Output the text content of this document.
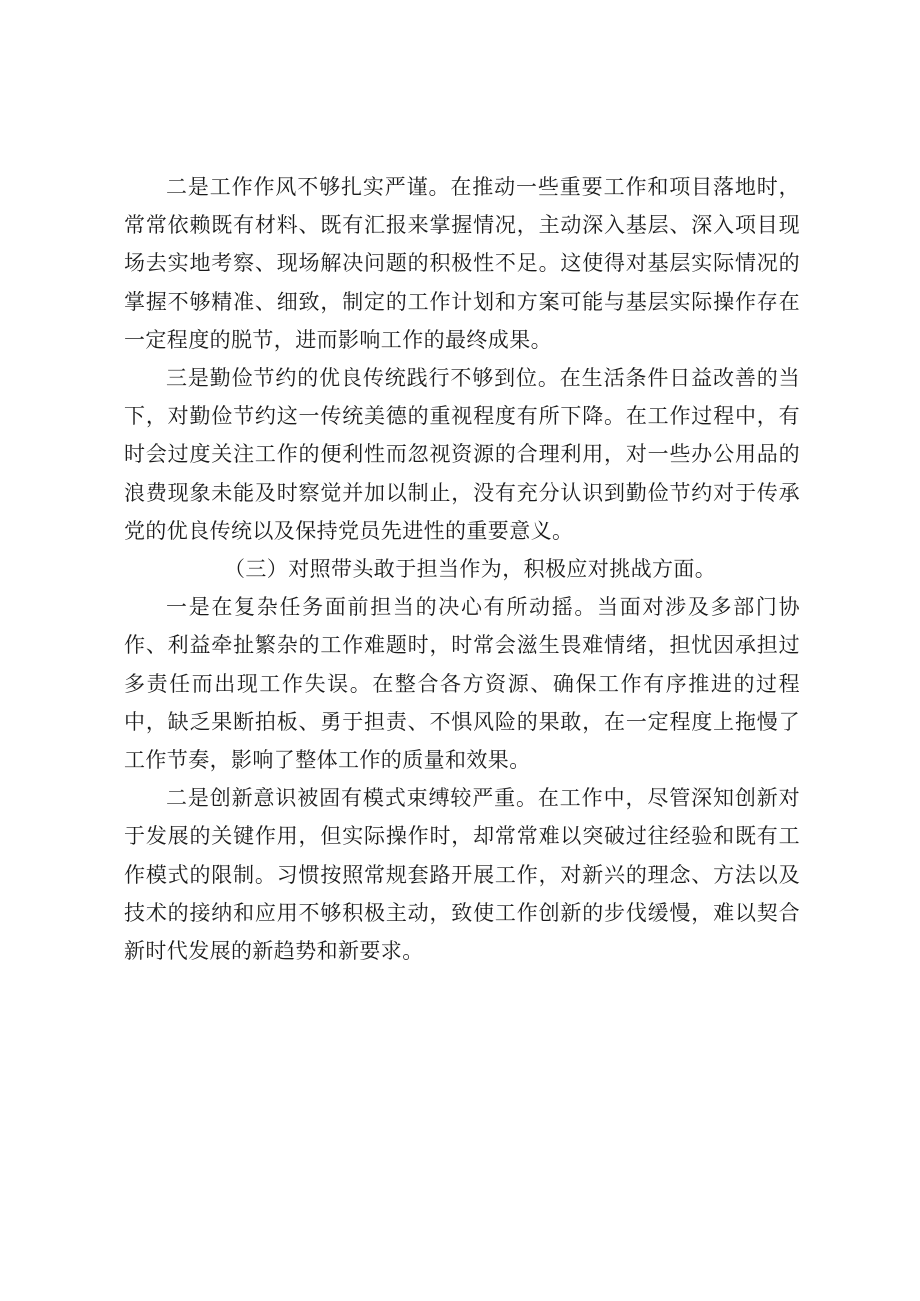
二是工作作风不够扎实严谨。在推动一些重要工作和项目落地时，常常依赖既有材料、既有汇报来掌握情况，主动深入基层、深入项目现场去实地考察、现场解决问题的积极性不足。这使得对基层实际情况的掌握不够精准、细致，制定的工作计划和方案可能与基层实际操作存在一定程度的脱节，进而影响工作的最终成果。

三是勤俭节约的优良传统践行不够到位。在生活条件日益改善的当下，对勤俭节约这一传统美德的重视程度有所下降。在工作过程中，有时会过度关注工作的便利性而忽视资源的合理利用，对一些办公用品的浪费现象未能及时察觉并加以制止，没有充分认识到勤俭节约对于传承党的优良传统以及保持党员先进性的重要意义。

（三）对照带头敢于担当作为，积极应对挑战方面。

一是在复杂任务面前担当的决心有所动摇。当面对涉及多部门协作、利益牵扯繁杂的工作难题时，时常会滋生畏难情绪，担忧因承担过多责任而出现工作失误。在整合各方资源、确保工作有序推进的过程中，缺乏果断拍板、勇于担责、不惧风险的果敢，在一定程度上拖慢了工作节奏，影响了整体工作的质量和效果。

二是创新意识被固有模式束缚较严重。在工作中，尽管深知创新对于发展的关键作用，但实际操作时，却常常难以突破过往经验和既有工作模式的限制。习惯按照常规套路开展工作，对新兴的理念、方法以及技术的接纳和应用不够积极主动，致使工作创新的步伐缓慢，难以契合新时代发展的新趋势和新要求。
